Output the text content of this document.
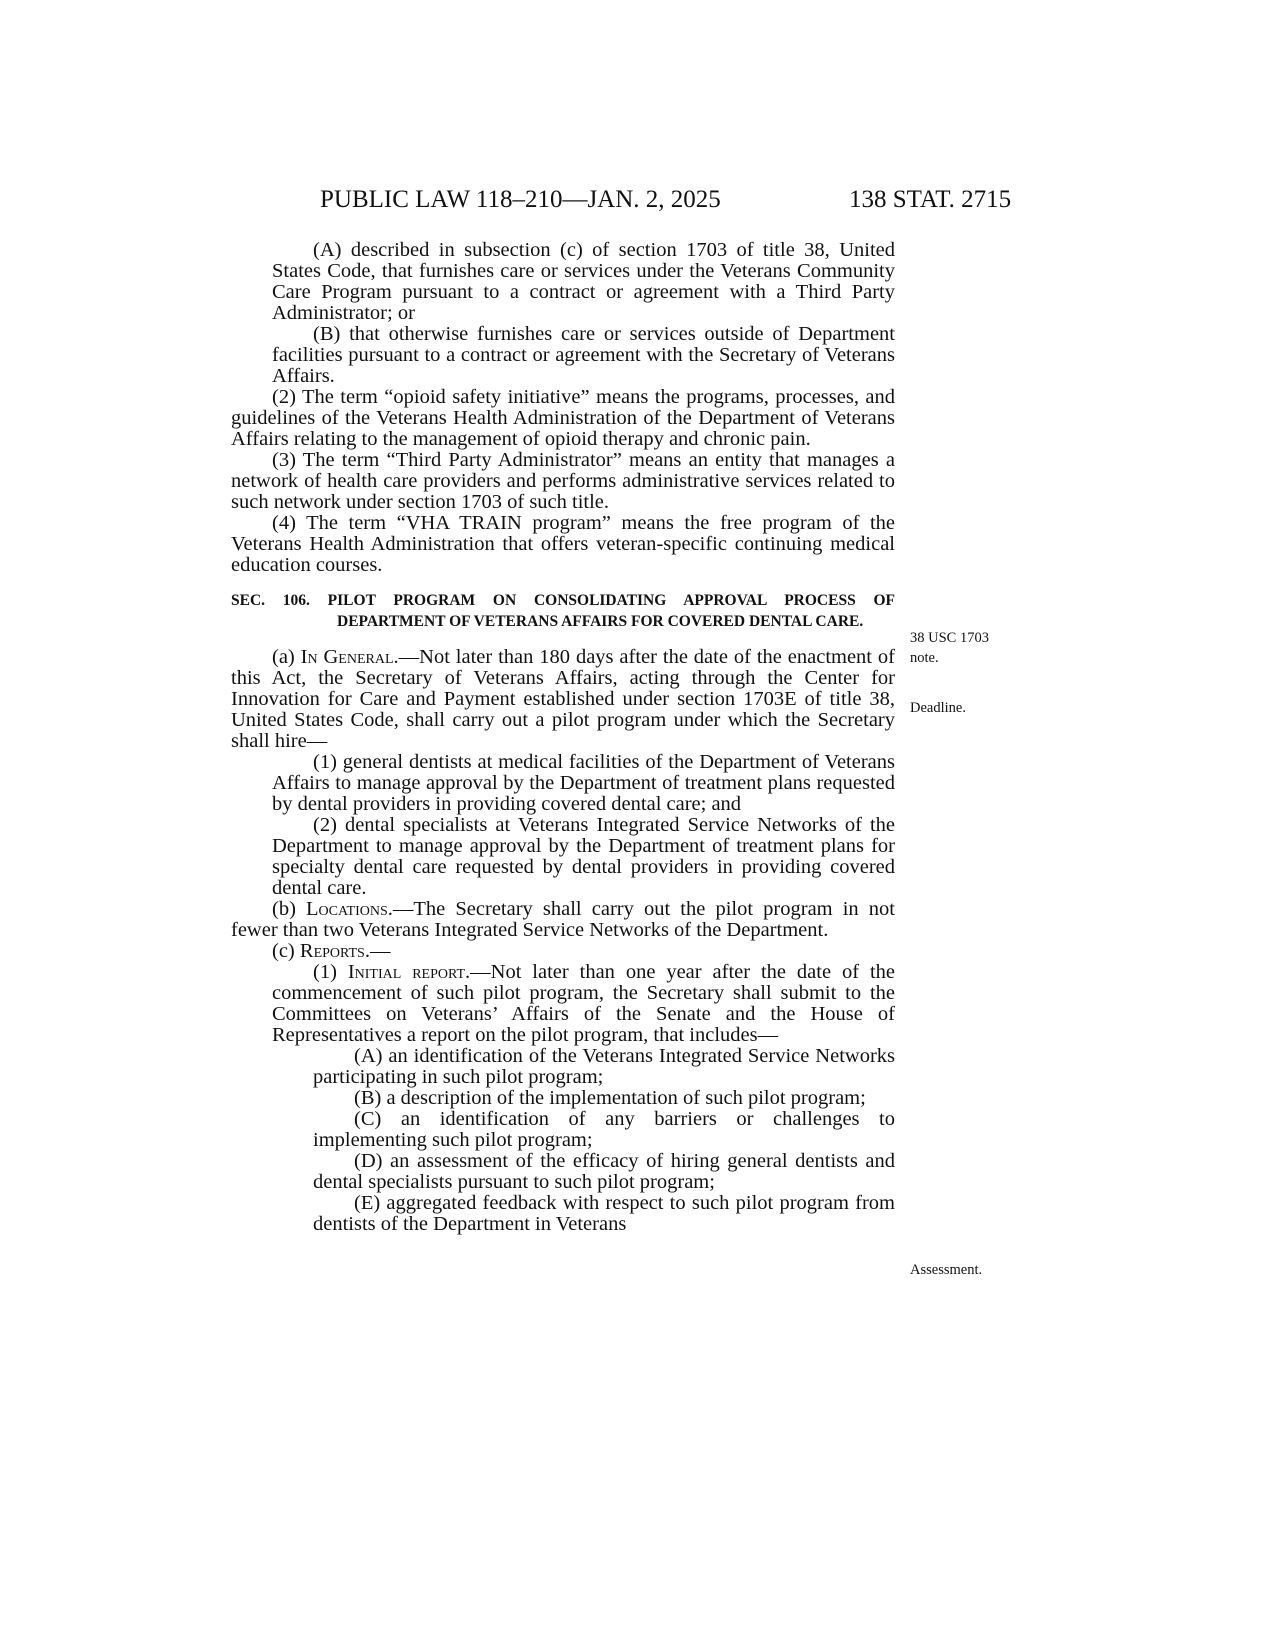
PUBLIC LAW 118–210—JAN. 2, 2025	138 STAT. 2715

(A) described in subsection (c) of section 1703 of title 38, United States Code, that furnishes care or services under the Veterans Community Care Program pursuant to a contract or agreement with a Third Party Administrator; or

(B) that otherwise furnishes care or services outside of Department facilities pursuant to a contract or agreement with the Secretary of Veterans Affairs.

(2) The term “opioid safety initiative” means the programs, processes, and guidelines of the Veterans Health Administration of the Department of Veterans Affairs relating to the management of opioid therapy and chronic pain.

(3) The term “Third Party Administrator” means an entity that manages a network of health care providers and performs administrative services related to such network under section 1703 of such title.

(4) The term “VHA TRAIN program” means the free program of the Veterans Health Administration that offers veteran-specific continuing medical education courses.

SEC. 106. PILOT PROGRAM ON CONSOLIDATING APPROVAL PROCESS OF DEPARTMENT OF VETERANS AFFAIRS FOR COVERED DENTAL CARE.

(a) In General.—Not later than 180 days after the date of the enactment of this Act, the Secretary of Veterans Affairs, acting through the Center for Innovation for Care and Payment established under section 1703E of title 38, United States Code, shall carry out a pilot program under which the Secretary shall hire—

(1) general dentists at medical facilities of the Department of Veterans Affairs to manage approval by the Department of treatment plans requested by dental providers in providing covered dental care; and

(2) dental specialists at Veterans Integrated Service Networks of the Department to manage approval by the Department of treatment plans for specialty dental care requested by dental providers in providing covered dental care.

(b) Locations.—The Secretary shall carry out the pilot program in not fewer than two Veterans Integrated Service Networks of the Department.

(c) Reports.—

(1) Initial report.—Not later than one year after the date of the commencement of such pilot program, the Secretary shall submit to the Committees on Veterans’ Affairs of the Senate and the House of Representatives a report on the pilot program, that includes—

(A) an identification of the Veterans Integrated Service Networks participating in such pilot program;

(B) a description of the implementation of such pilot program;

(C) an identification of any barriers or challenges to implementing such pilot program;

(D) an assessment of the efficacy of hiring general dentists and dental specialists pursuant to such pilot program;

(E) aggregated feedback with respect to such pilot program from dentists of the Department in Veterans

38 USC 1703
note.
Deadline.
Assessment.
